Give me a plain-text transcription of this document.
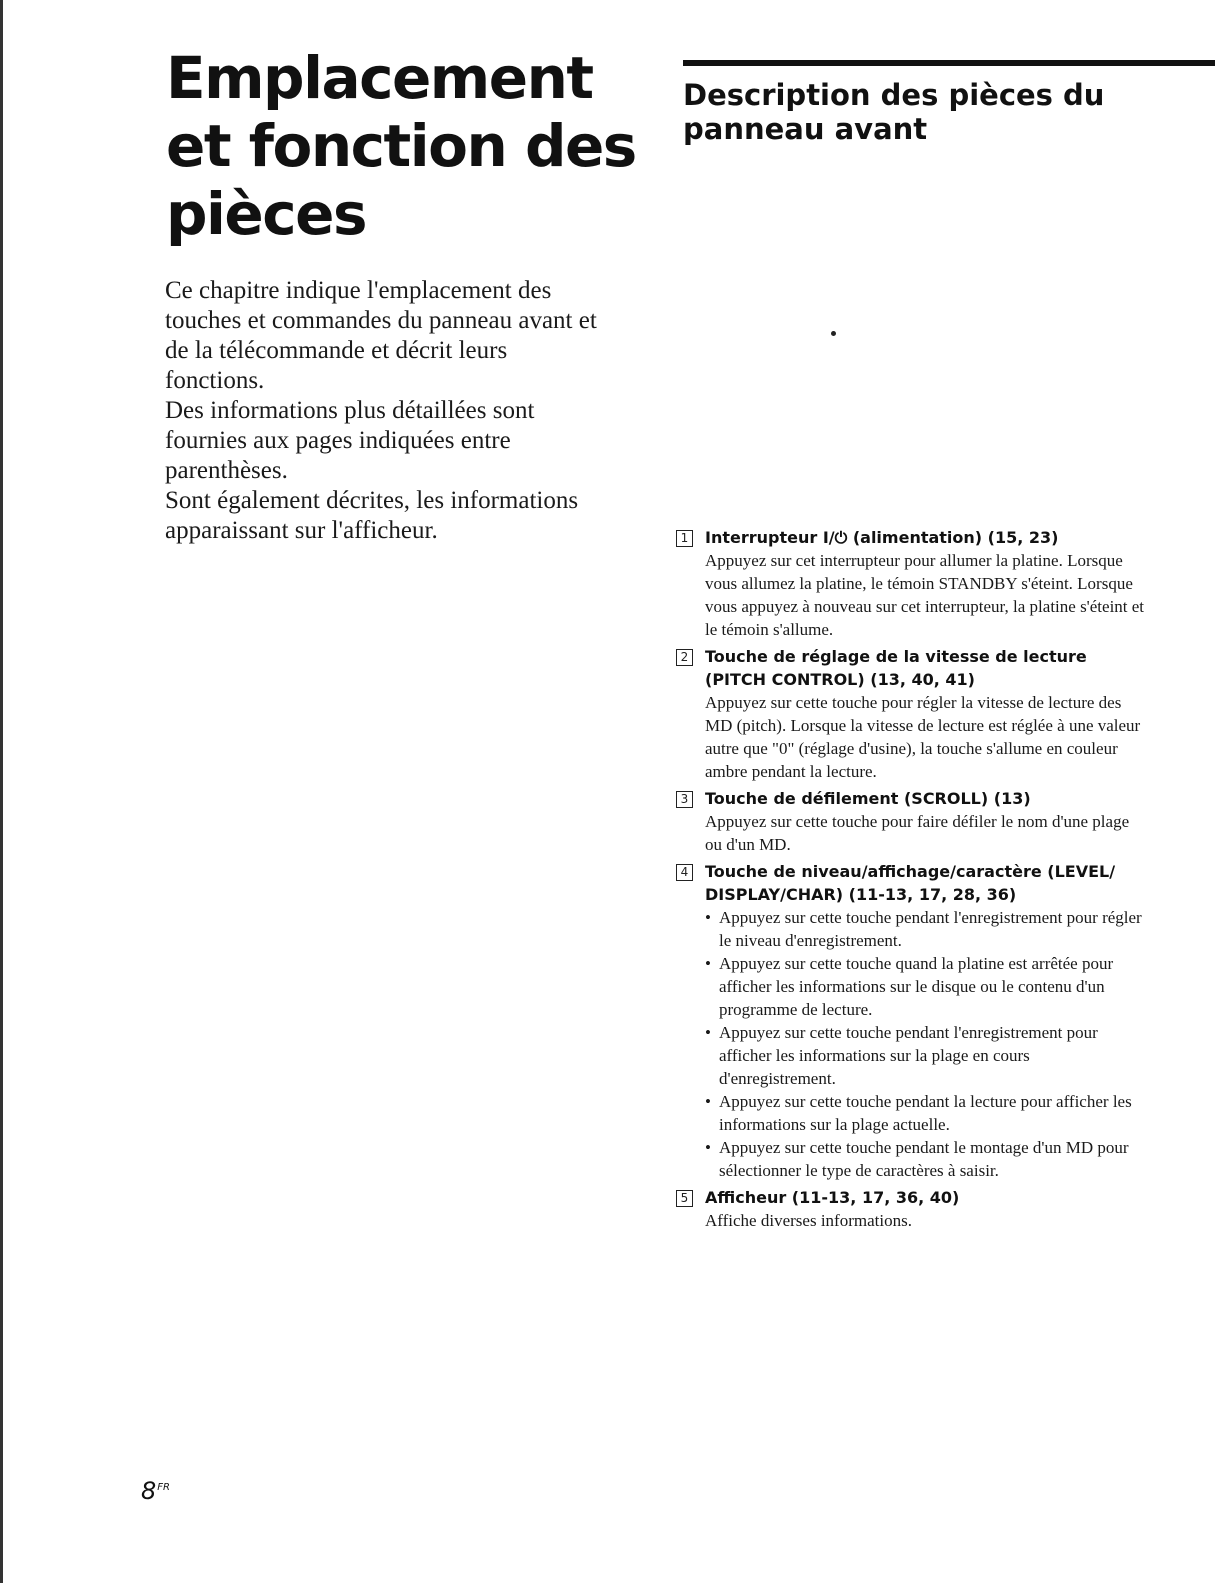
Emplacement
et fonction des
pièces

Ce chapitre indique l'emplacement des touches et commandes du panneau avant et de la télécommande et décrit leurs fonctions.

Des informations plus détaillées sont fournies aux pages indiquées entre parenthèses.

Sont également décrites, les informations apparaissant sur l'afficheur.

Description des pièces du
panneau avant
1 Interrupteur I/⏻ (alimentation) (15, 23)
Appuyez sur cet interrupteur pour allumer la platine. Lorsque vous allumez la platine, le témoin STANDBY s'éteint. Lorsque vous appuyez à nouveau sur cet interrupteur, la platine s'éteint et le témoin s'allume.
2 Touche de réglage de la vitesse de lecture (PITCH CONTROL) (13, 40, 41)
Appuyez sur cette touche pour régler la vitesse de lecture des MD (pitch). Lorsque la vitesse de lecture est réglée à une valeur autre que "0" (réglage d'usine), la touche s'allume en couleur ambre pendant la lecture.
3 Touche de défilement (SCROLL) (13)
Appuyez sur cette touche pour faire défiler le nom d'une plage ou d'un MD.
4 Touche de niveau/affichage/caractère (LEVEL/ DISPLAY/CHAR) (11-13, 17, 28, 36)
• Appuyez sur cette touche pendant l'enregistrement pour régler le niveau d'enregistrement.
• Appuyez sur cette touche quand la platine est arrêtée pour afficher les informations sur le disque ou le contenu d'un programme de lecture.
• Appuyez sur cette touche pendant l'enregistrement pour afficher les informations sur la plage en cours d'enregistrement.
• Appuyez sur cette touche pendant la lecture pour afficher les informations sur la plage actuelle.
• Appuyez sur cette touche pendant le montage d'un MD pour sélectionner le type de caractères à saisir.
5 Afficheur (11-13, 17, 36, 40)
Affiche diverses informations.
$8^{FR}$
